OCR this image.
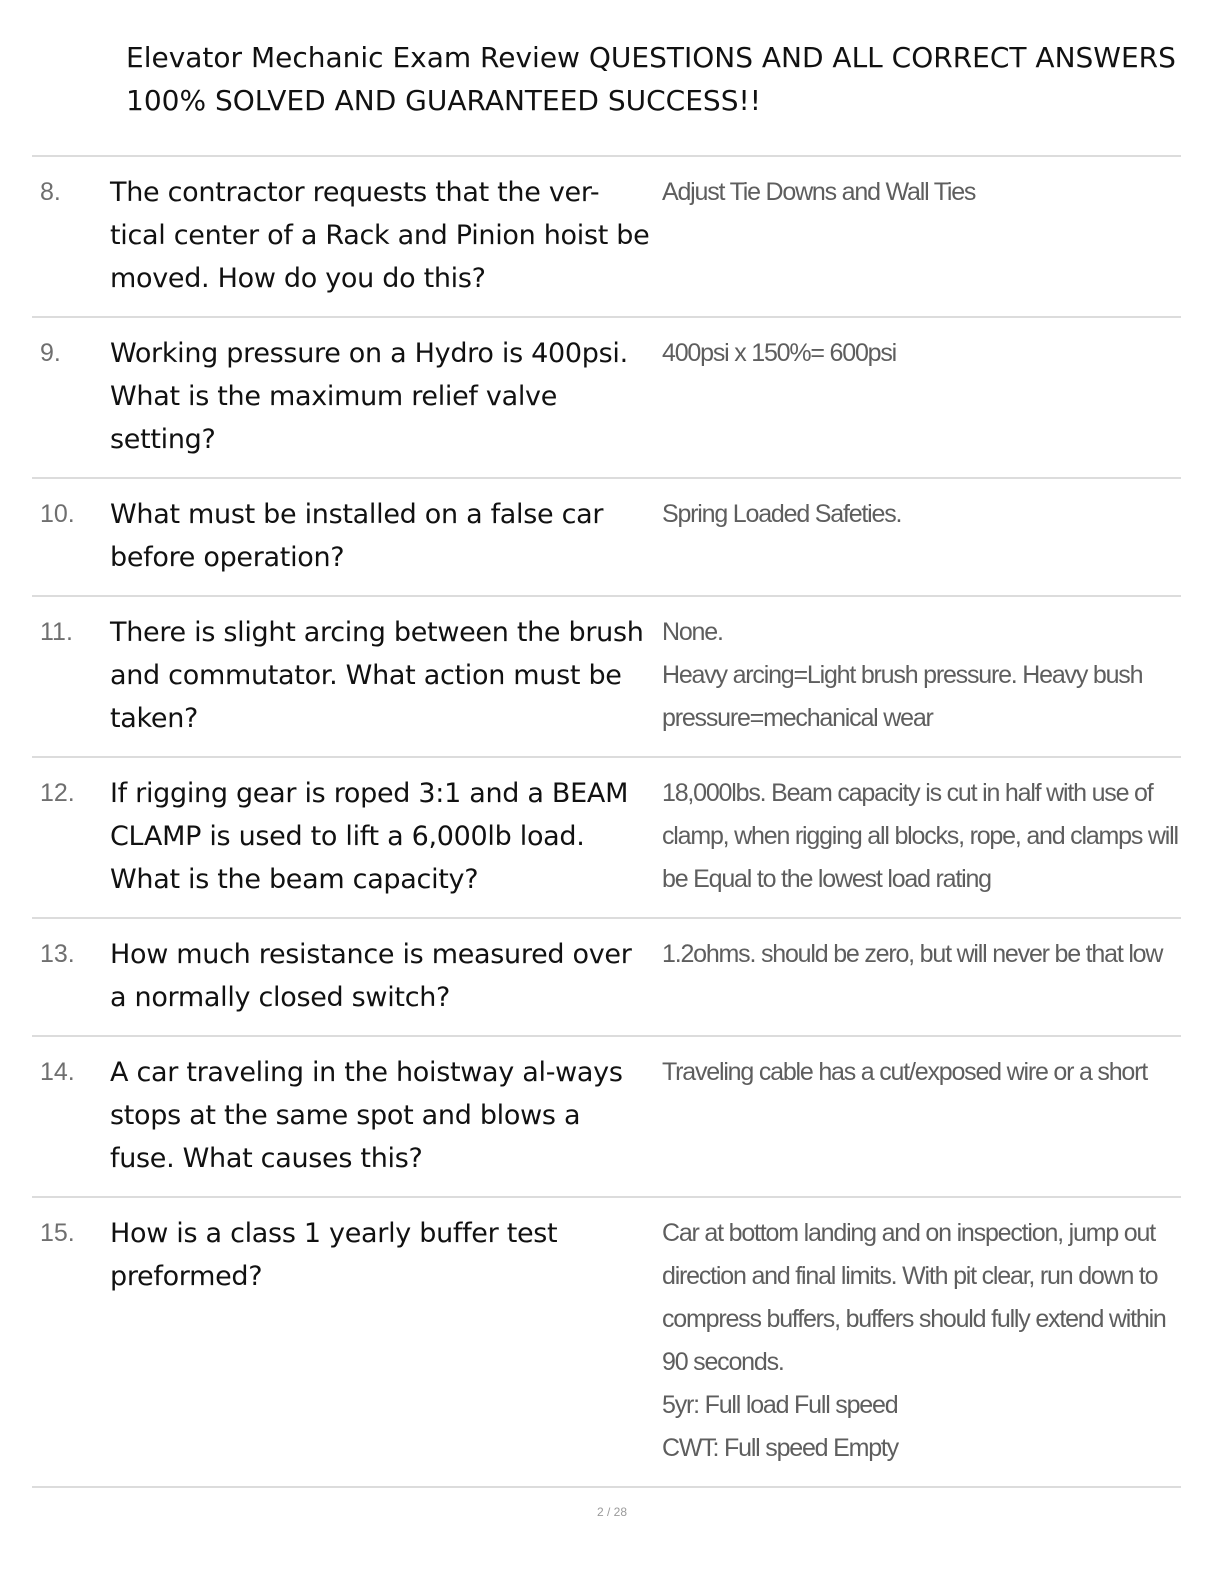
Elevator Mechanic Exam Review QUESTIONS AND ALL CORRECT ANSWERS
100% SOLVED AND GUARANTEED SUCCESS!!
8.	The contractor requests that the ver-tical center of a Rack and Pinion hoist be moved. How do you do this?
Adjust Tie Downs and Wall Ties
9.	Working pressure on a Hydro is 400psi. What is the maximum relief valve setting?
400psi x 150%= 600psi
10.	What must be installed on a false car before operation?
Spring Loaded Safeties.
11.	There is slight arcing between the brush and commutator. What action must be taken?
None.
Heavy arcing=Light brush pressure. Heavy bush
pressure=mechanical wear
12.	If rigging gear is roped 3:1 and a BEAM CLAMP is used to lift a 6,000lb load. What is the beam capacity?
18,000lbs. Beam capacity is cut in half with use of
clamp, when rigging all blocks, rope, and clamps will
be Equal to the lowest load rating
13.	How much resistance is measured over a normally closed switch?
1.2ohms. should be zero, but will never be that low
14.	A car traveling in the hoistway al-ways stops at the same spot and blows a fuse. What causes this?
Traveling cable has a cut/exposed wire or a short
15.	How is a class 1 yearly buffer test preformed?
Car at bottom landing and on inspection, jump out
direction and final limits. With pit clear, run down to
compress buffers, buffers should fully extend within
90 seconds.
5yr: Full load Full speed
CWT: Full speed Empty
2 / 28
